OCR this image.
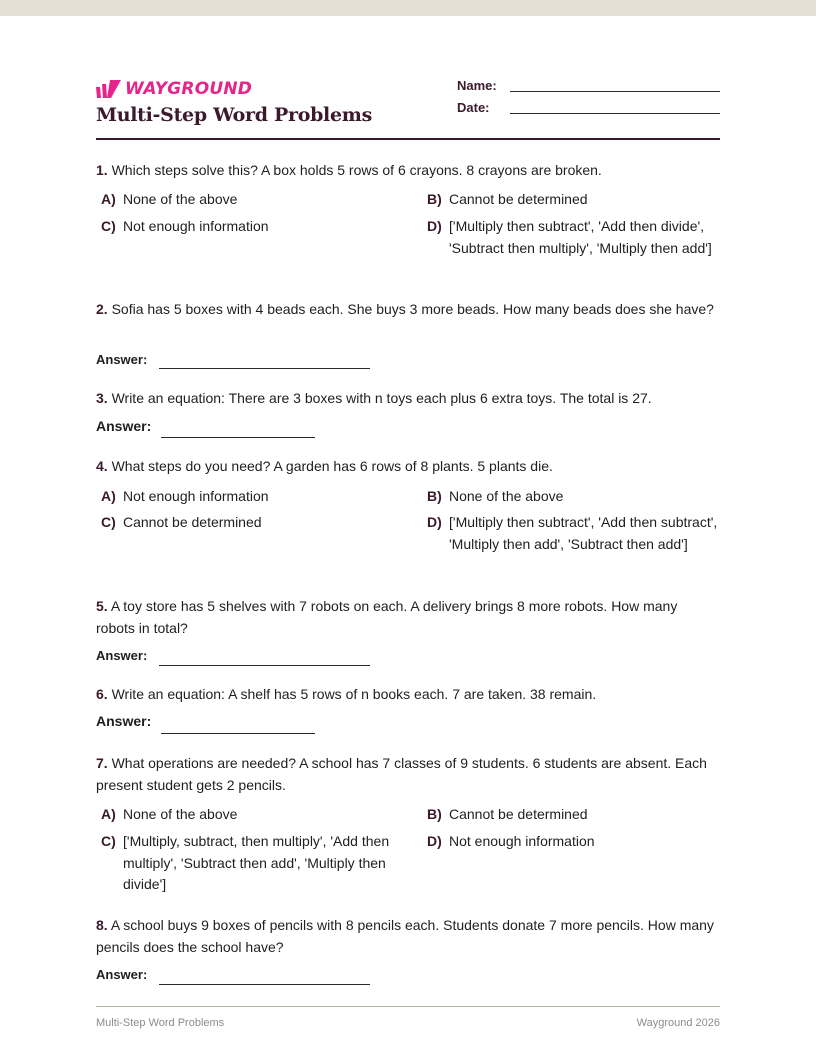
WAYGROUND
Multi-Step Word Problems
Name:
Date:
1. Which steps solve this? A box holds 5 rows of 6 crayons. 8 crayons are broken.
A) None of the above	B) Cannot be determined
C) Not enough information	D) ['Multiply then subtract', 'Add then divide', 'Subtract then multiply', 'Multiply then add']
2. Sofia has 5 boxes with 4 beads each. She buys 3 more beads. How many beads does she have?
Answer:
3. Write an equation: There are 3 boxes with n toys each plus 6 extra toys. The total is 27.
Answer:
4. What steps do you need? A garden has 6 rows of 8 plants. 5 plants die.
A) Not enough information	B) None of the above
C) Cannot be determined	D) ['Multiply then subtract', 'Add then subtract', 'Multiply then add', 'Subtract then add']
5. A toy store has 5 shelves with 7 robots on each. A delivery brings 8 more robots. How many robots in total?
Answer:
6. Write an equation: A shelf has 5 rows of n books each. 7 are taken. 38 remain.
Answer:
7. What operations are needed? A school has 7 classes of 9 students. 6 students are absent. Each present student gets 2 pencils.
A) None of the above	B) Cannot be determined
C) ['Multiply, subtract, then multiply', 'Add then multiply', 'Subtract then add', 'Multiply then divide']
D) Not enough information
8. A school buys 9 boxes of pencils with 8 pencils each. Students donate 7 more pencils. How many pencils does the school have?
Answer:
Multi-Step Word Problems	Wayground 2026
